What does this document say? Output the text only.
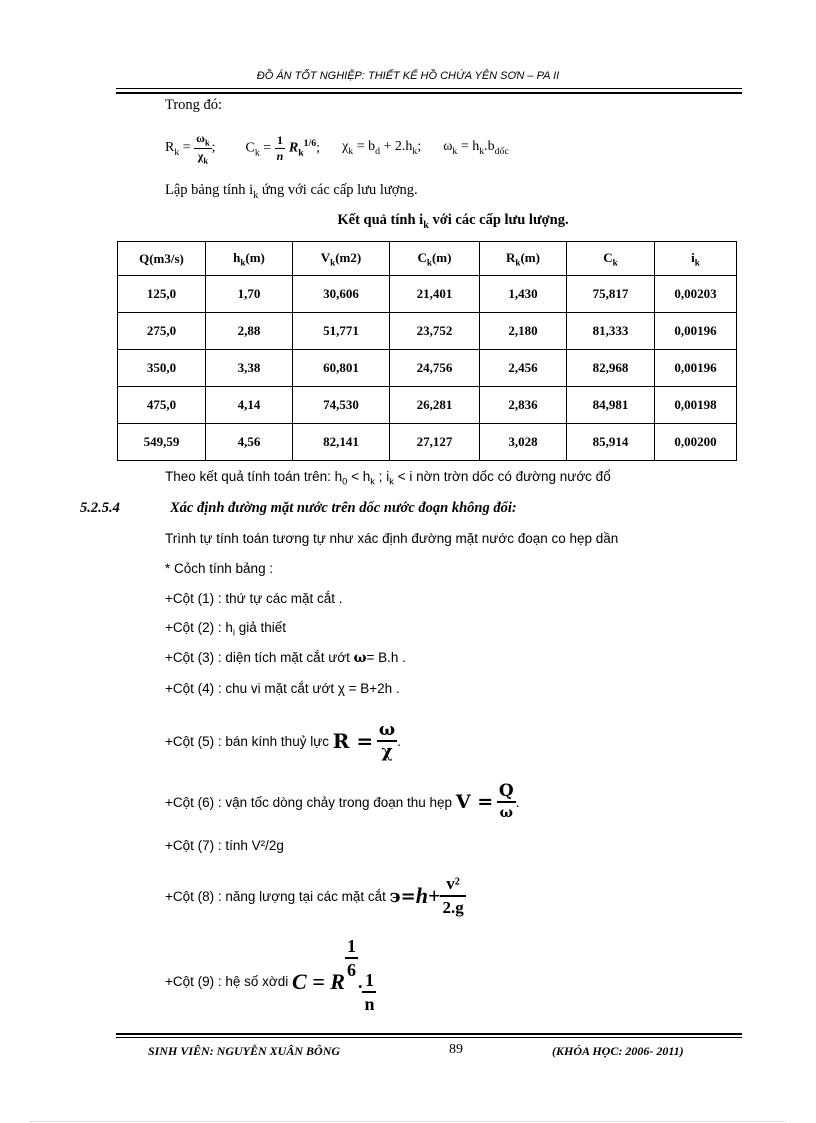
ĐỒ ÁN TỐT NGHIỆP: THIẾT KẾ HỒ CHỨA YÊN SƠN – PA II
Trong đó:
$R_k = \frac{\omega_k}{\chi_k}$ ; $C_k = \frac{1}{n} R_k^{1/6}$; $\chi_k = b_d + 2.h_k$; $\omega_k = h_k.b_{dốc}$
Lập bảng tính $i_k$ ứng với các cấp lưu lượng.
Kết quả tính $i_k$ với các cấp lưu lượng.
Q(m3/s)	$h_k(m)$	$V_k(m2)$	$C_k(m)$	$R_k(m)$	$C_k$	$i_k$
125,0	1,70	30,606	21,401	1,430	75,817	0,00203
275,0	2,88	51,771	23,752	2,180	81,333	0,00196
350,0	3,38	60,801	24,756	2,456	82,968	0,00196
475,0	4,14	74,530	26,281	2,836	84,981	0,00198
549,59	4,56	82,141	27,127	3,028	85,914	0,00200
Theo kết quả tính toán trên: $h_0 < h_k$ ; $i_k < i$ nờn trờn dốc có đường nước đổ
5.2.5.4	Xác định đường mặt nước trên dốc nước đoạn không đổi:
Trình tự tính toán tương tự như xác định đường mặt nước đoạn co hẹp dần
* Cỏch tính bảng :
+Cột (1) : thứ tự các mặt cắt .
+Cột (2) : $h_i$ giả thiết
+Cột (3) : diện tích mặt cắt ướt ω= B.h .
+Cột (4) : chu vi mặt cắt ướt χ = B+2h .
+Cột (5) : bán kính thuỷ lực
R =
$\frac{\omega}{\chi}$ .
+Cột (6) : vận tốc dòng chảy trong đoạn thu hẹp
V =
$\frac{Q}{\omega}$ .
+Cột (7) : tính V²/2g
+Cột (8) : năng lượng tại các mặt cắt
$э= h + \frac{\text{v²}}{2.g}$
+Cột (9) : hệ số xờdi
C = R
$\frac{1}{6}$
. $\frac{1}{n}$
SINH VIÊN: NGUYỄN XUÂN BÔNG	89	(KHÓA HỌC: 2006- 2011)
